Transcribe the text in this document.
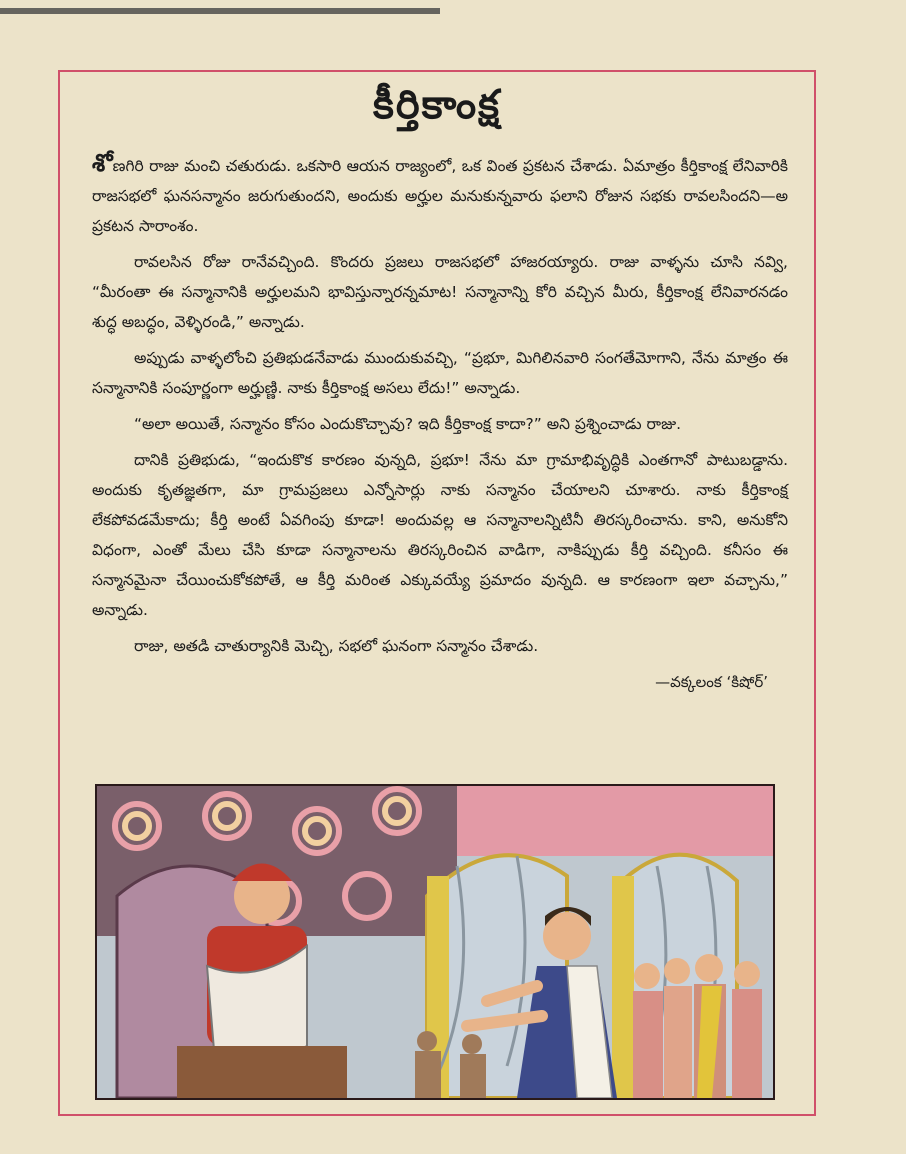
కీర్తికాంక్ష

శోణగిరి రాజు మంచి చతురుడు. ఒకసారి ఆయన రాజ్యంలో, ఒక వింత ప్రకటన చేశాడు. ఏమాత్రం కీర్తికాంక్ష లేనివారికి రాజసభలో ఘనసన్మానం జరుగుతుందని, అందుకు అర్హుల మనుకున్నవారు ఫలాని రోజున సభకు రావలసిందని—అ ప్రకటన సారాంశం.

రావలసిన రోజు రానేవచ్చింది. కొందరు ప్రజలు రాజసభలో హాజరయ్యారు. రాజు వాళ్ళను చూసి నవ్వి, “మీరంతా ఈ సన్మానానికి అర్హులమని భావిస్తున్నారన్నమాట! సన్మానాన్ని కోరి వచ్చిన మీరు, కీర్తికాంక్ష లేనివారనడం శుద్ధ అబద్ధం, వెళ్ళిరండి,” అన్నాడు.

అప్పుడు వాళ్ళలోంచి ప్రతిభుడనేవాడు ముందుకువచ్చి, “ప్రభూ, మిగిలినవారి సంగతేమోగాని, నేను మాత్రం ఈ సన్మానానికి సంపూర్ణంగా అర్హుణ్ణి. నాకు కీర్తికాంక్ష అసలు లేదు!” అన్నాడు.

“అలా అయితే, సన్మానం కోసం ఎందుకొచ్చావు? ఇది కీర్తికాంక్ష కాదా?” అని ప్రశ్నించాడు రాజు.

దానికి ప్రతిభుడు, “ఇందుకొక కారణం వున్నది, ప్రభూ! నేను మా గ్రామాభివృద్ధికి ఎంతగానో పాటుబడ్డాను. అందుకు కృతజ్ఞతగా, మా గ్రామప్రజలు ఎన్నోసార్లు నాకు సన్మానం చేయాలని చూశారు. నాకు కీర్తికాంక్ష లేకపోవడమేకాదు; కీర్తి అంటే ఏవగింపు కూడా! అందువల్ల ఆ సన్మానాలన్నిటినీ తిరస్కరించాను. కాని, అనుకోని విధంగా, ఎంతో మేలు చేసి కూడా సన్మానాలను తిరస్కరించిన వాడిగా, నాకిప్పుడు కీర్తి వచ్చింది. కనీసం ఈ సన్మానమైనా చేయించుకోకపోతే, ఆ కీర్తి మరింత ఎక్కువయ్యే ప్రమాదం వున్నది. ఆ కారణంగా ఇలా వచ్చాను,” అన్నాడు.

రాజు, అతడి చాతుర్యానికి మెచ్చి, సభలో ఘనంగా సన్మానం చేశాడు.

—వక్కలంక ‘కిషోర్’
